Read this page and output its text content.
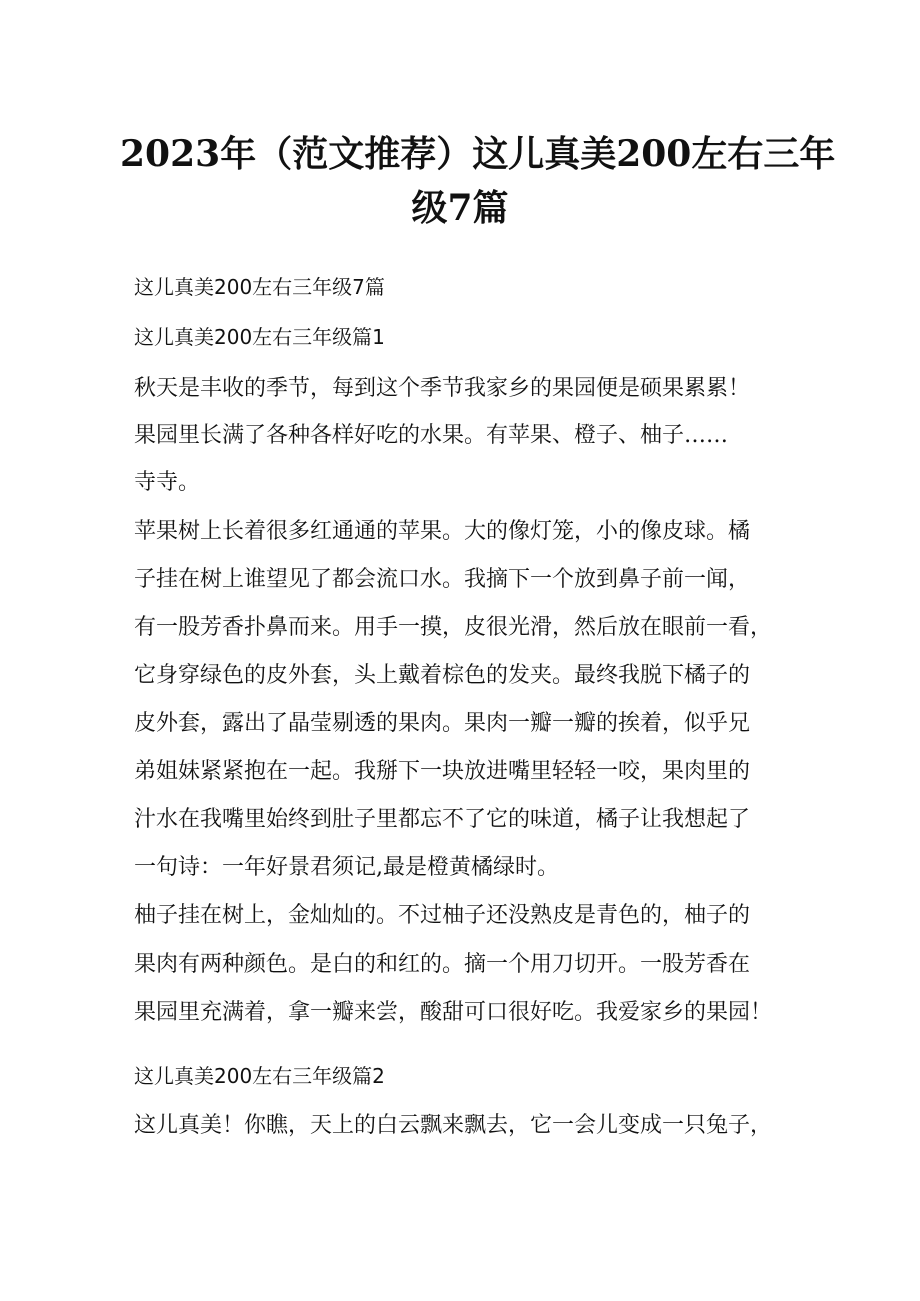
2023年（范文推荐）这儿真美200左右三年
级7篇

这儿真美200左右三年级7篇

这儿真美200左右三年级篇1

秋天是丰收的季节，每到这个季节我家乡的果园便是硕果累累！

果园里长满了各种各样好吃的水果。有苹果、橙子、柚子……

寺寺。

苹果树上长着很多红通通的苹果。大的像灯笼，小的像皮球。橘

子挂在树上谁望见了都会流口水。我摘下一个放到鼻子前一闻，

有一股芳香扑鼻而来。用手一摸，皮很光滑，然后放在眼前一看，

它身穿绿色的皮外套，头上戴着棕色的发夹。最终我脱下橘子的

皮外套，露出了晶莹剔透的果肉。果肉一瓣一瓣的挨着，似乎兄

弟姐妹紧紧抱在一起。我掰下一块放进嘴里轻轻一咬，果肉里的

汁水在我嘴里始终到肚子里都忘不了它的味道，橘子让我想起了

一句诗：一年好景君须记,最是橙黄橘绿时。

柚子挂在树上，金灿灿的。不过柚子还没熟皮是青色的，柚子的

果肉有两种颜色。是白的和红的。摘一个用刀切开。一股芳香在

果园里充满着，拿一瓣来尝，酸甜可口很好吃。我爱家乡的果园！

这儿真美200左右三年级篇2

这儿真美！你瞧，天上的白云飘来飘去，它一会儿变成一只兔子，
